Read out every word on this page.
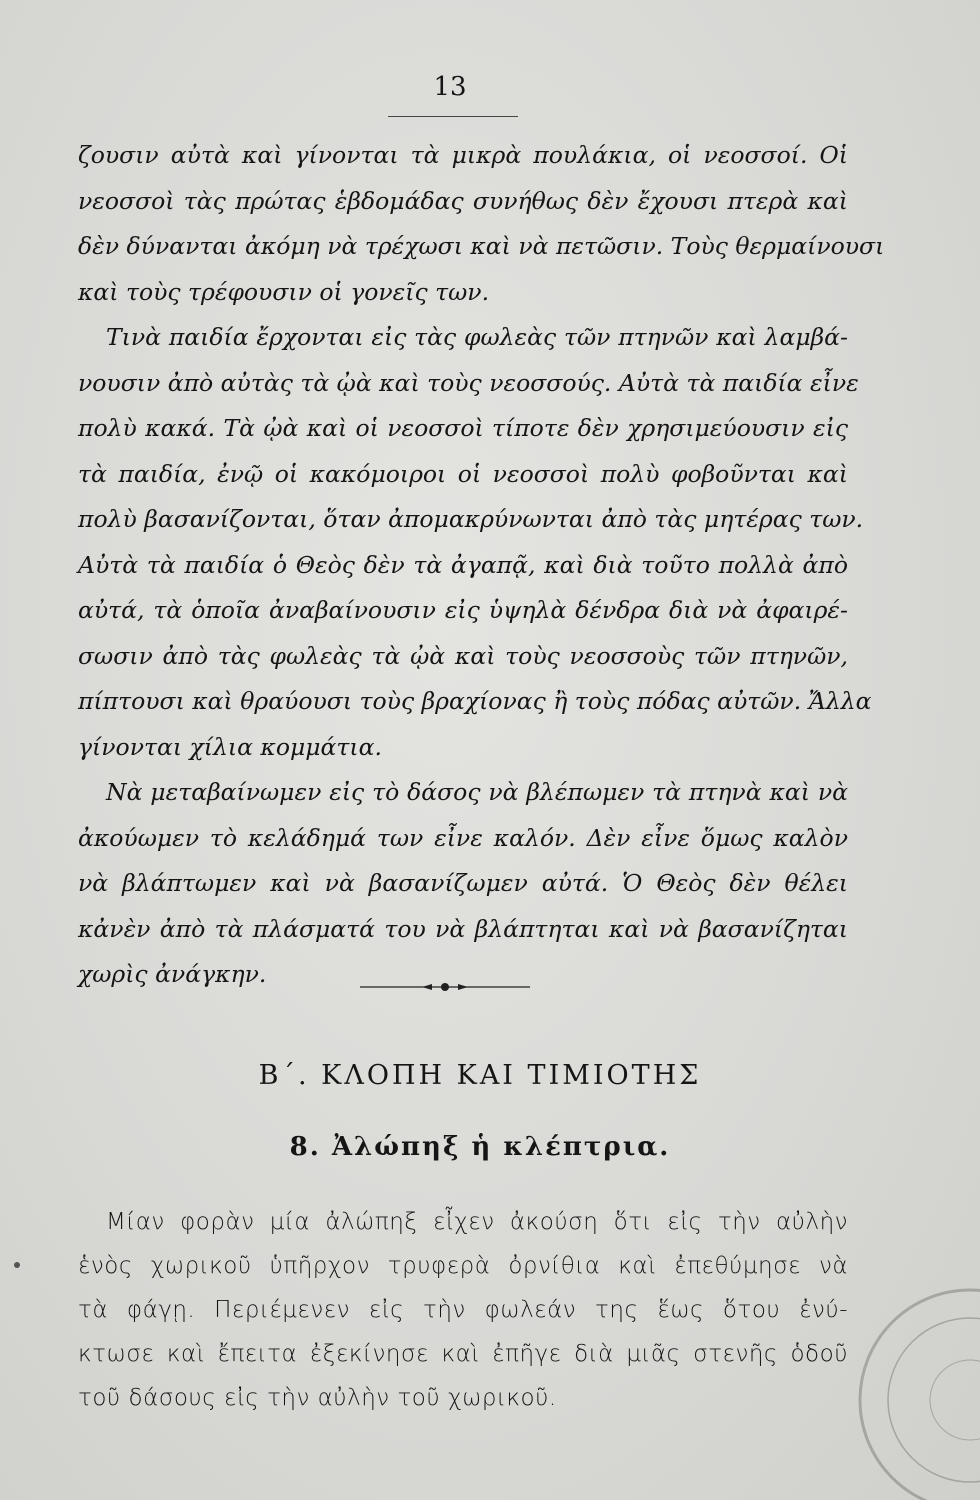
13
ζουσιν αὐτὰ καὶ γίνονται τὰ μικρὰ πουλάκια, οἱ νεοσσοί. Οἱ
νεοσσοὶ τὰς πρώτας ἑβδομάδας συνήθως δὲν ἔχουσι πτερὰ καὶ
δὲν δύνανται ἀκόμη νὰ τρέχωσι καὶ νὰ πετῶσιν. Τοὺς θερμαίνουσι
καὶ τοὺς τρέφουσιν οἱ γονεῖς των.
Τινὰ παιδία ἔρχονται εἰς τὰς φωλεὰς τῶν πτηνῶν καὶ λαμβά-
νουσιν ἀπὸ αὐτὰς τὰ ᾠὰ καὶ τοὺς νεοσσούς. Αὐτὰ τὰ παιδία εἶνε
πολὺ κακά. Τὰ ᾠὰ καὶ οἱ νεοσσοὶ τίποτε δὲν χρησιμεύουσιν εἰς
τὰ παιδία, ἐνῷ οἱ κακόμοιροι οἱ νεοσσοὶ πολὺ φοβοῦνται καὶ
πολὺ βασανίζονται, ὅταν ἀπομακρύνωνται ἀπὸ τὰς μητέρας των.
Αὐτὰ τὰ παιδία ὁ Θεὸς δὲν τὰ ἀγαπᾷ, καὶ διὰ τοῦτο πολλὰ ἀπὸ
αὐτά, τὰ ὁποῖα ἀναβαίνουσιν εἰς ὑψηλὰ δένδρα διὰ νὰ ἀφαιρέ-
σωσιν ἀπὸ τὰς φωλεὰς τὰ ᾠὰ καὶ τοὺς νεοσσοὺς τῶν πτηνῶν,
πίπτουσι καὶ θραύουσι τοὺς βραχίονας ἢ τοὺς πόδας αὐτῶν. Ἄλλα
γίνονται χίλια κομμάτια.
Νὰ μεταβαίνωμεν εἰς τὸ δάσος νὰ βλέπωμεν τὰ πτηνὰ καὶ νὰ
ἀκούωμεν τὸ κελάδημά των εἶνε καλόν. Δὲν εἶνε ὅμως καλὸν
νὰ βλάπτωμεν καὶ νὰ βασανίζωμεν αὐτά. Ὁ Θεὸς δὲν θέλει
κἀνὲν ἀπὸ τὰ πλάσματά του νὰ βλάπτηται καὶ νὰ βασανίζηται
χωρὶς ἀνάγκην.
Β΄. ΚΛΟΠΗ ΚΑΙ ΤΙΜΙΟΤΗΣ
8. Ἀλώπηξ ἡ κλέπτρια.
Μίαν φορὰν μία ἀλώπηξ εἶχεν ἀκούση ὅτι εἰς τὴν αὐλὴν
ἑνὸς χωρικοῦ ὑπῆρχον τρυφερὰ ὀρνίθια καὶ ἐπεθύμησε νὰ
τὰ φάγῃ. Περιέμενεν εἰς τὴν φωλεάν της ἕως ὅτου ἐνύ-
κτωσε καὶ ἔπειτα ἐξεκίνησε καὶ ἐπῆγε διὰ μιᾶς στενῆς ὁδοῦ
τοῦ δάσους εἰς τὴν αὐλὴν τοῦ χωρικοῦ.
